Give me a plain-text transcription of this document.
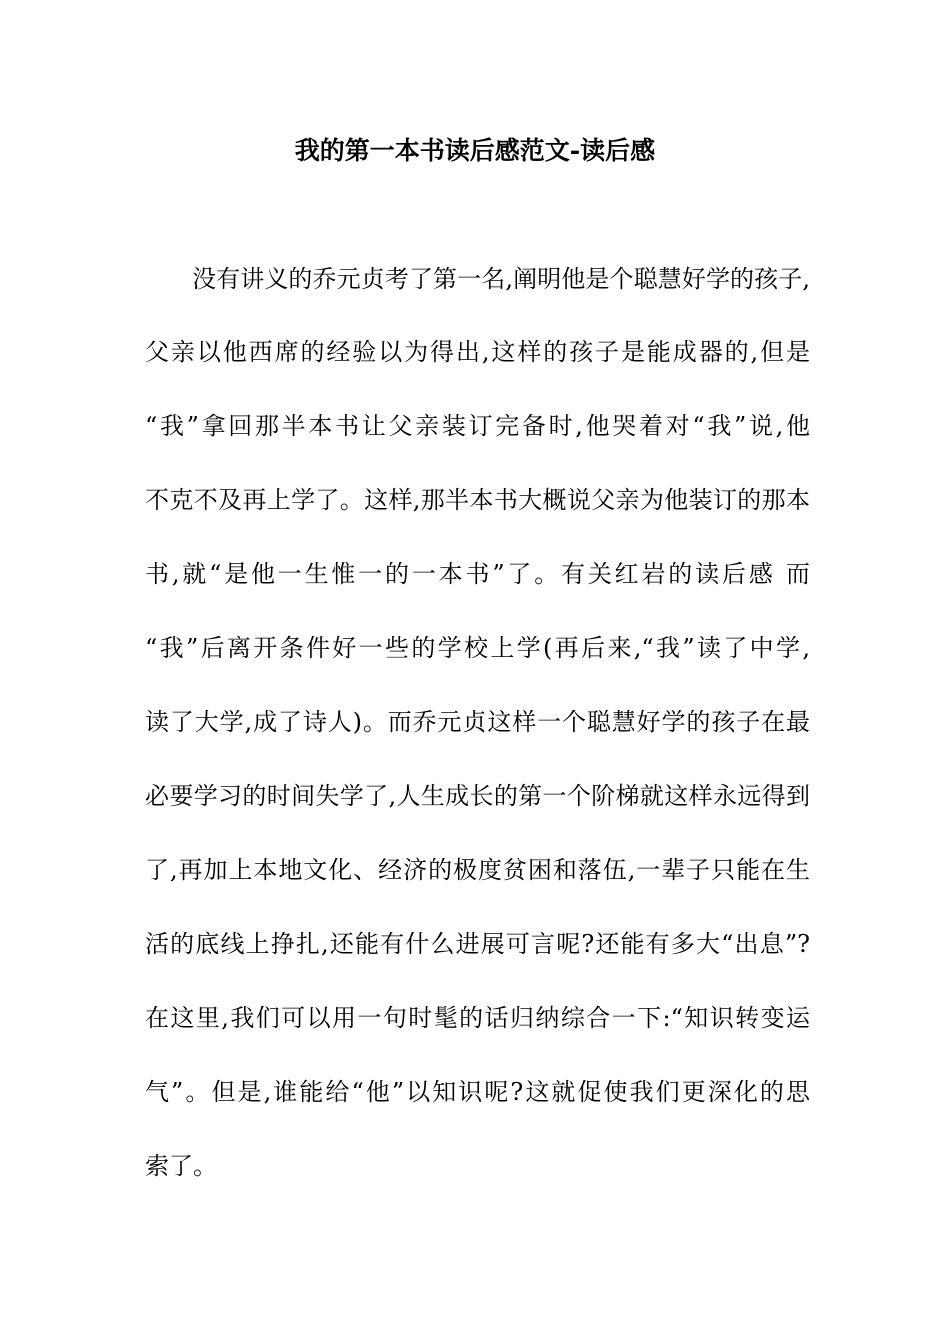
我的第一本书读后感范文-读后感
没有讲义的乔元贞考了第一名,阐明他是个聪慧好学的孩子,
父亲以他西席的经验以为得出,这样的孩子是能成器的,但是
“我”拿回那半本书让父亲装订完备时,他哭着对“我”说,他
不克不及再上学了。这样,那半本书大概说父亲为他装订的那本
书,就“是他一生惟一的一本书”了。有关红岩的读后感 而
“我”后离开条件好一些的学校上学(再后来,“我”读了中学,
读了大学,成了诗人)。而乔元贞这样一个聪慧好学的孩子在最
必要学习的时间失学了,人生成长的第一个阶梯就这样永远得到
了,再加上本地文化、经济的极度贫困和落伍,一辈子只能在生
活的底线上挣扎,还能有什么进展可言呢?还能有多大“出息”?
在这里,我们可以用一句时髦的话归纳综合一下:“知识转变运
气”。但是,谁能给“他”以知识呢?这就促使我们更深化的思
索了。
